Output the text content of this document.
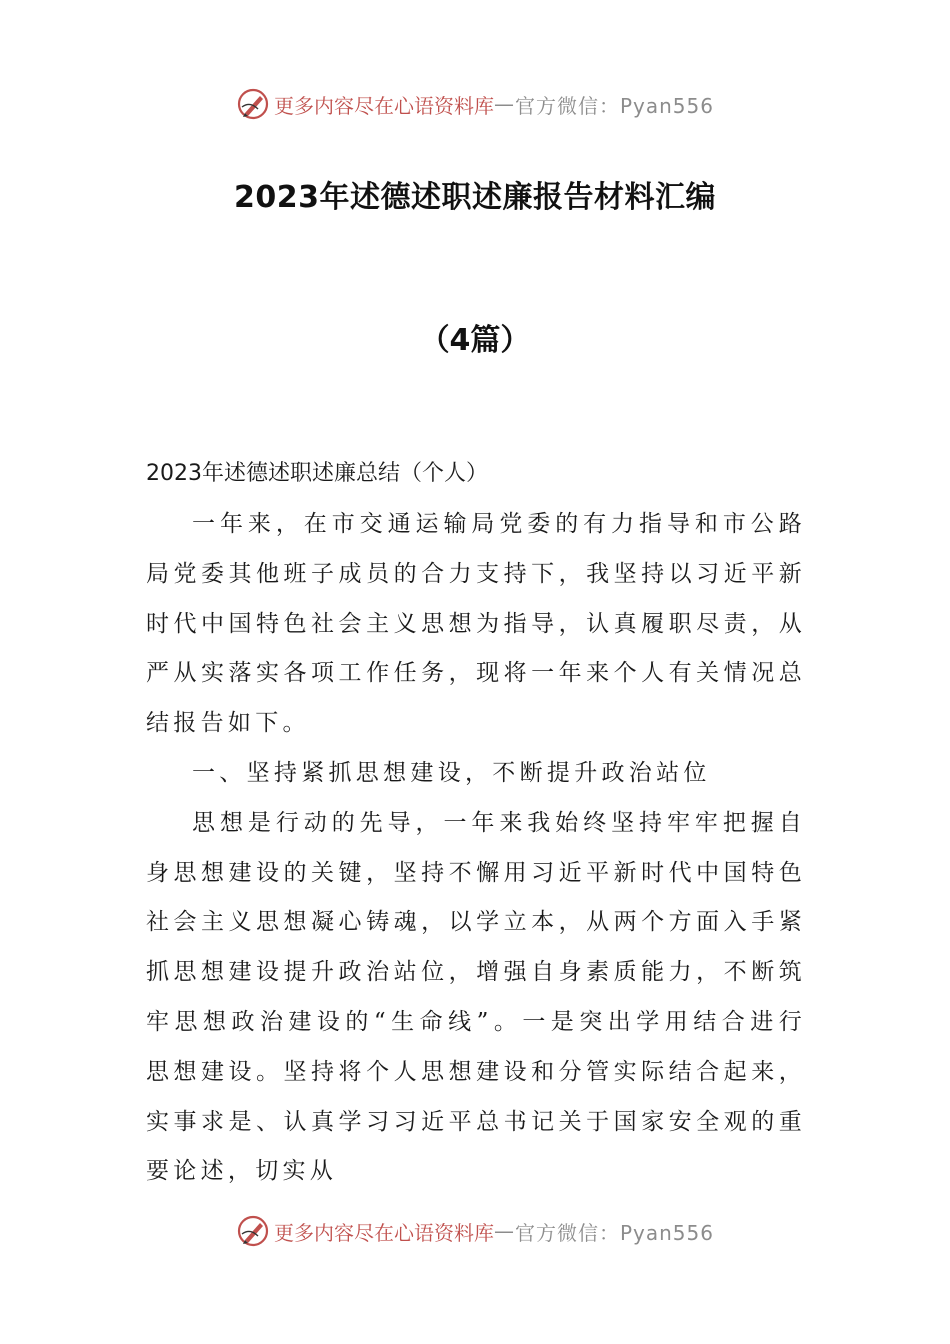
更多内容尽在心语资料库 — 官方微信：Pyan556
2023年述德述职述廉报告材料汇编
（4篇）
2023年述德述职述廉总结（个人）

一年来，在市交通运输局党委的有力指导和市公路局党委其他班子成员的合力支持下，我坚持以习近平新时代中国特色社会主义思想为指导，认真履职尽责，从严从实落实各项工作任务，现将一年来个人有关情况总结报告如下。

一、坚持紧抓思想建设，不断提升政治站位

思想是行动的先导，一年来我始终坚持牢牢把握自身思想建设的关键，坚持不懈用习近平新时代中国特色社会主义思想凝心铸魂，以学立本，从两个方面入手紧抓思想建设提升政治站位，增强自身素质能力，不断筑牢思想政治建设的“生命线”。一是突出学用结合进行思想建设。坚持将个人思想建设和分管实际结合起来，实事求是、认真学习习近平总书记关于国家安全观的重要论述，切实从

更多内容尽在心语资料库 — 官方微信：Pyan556
